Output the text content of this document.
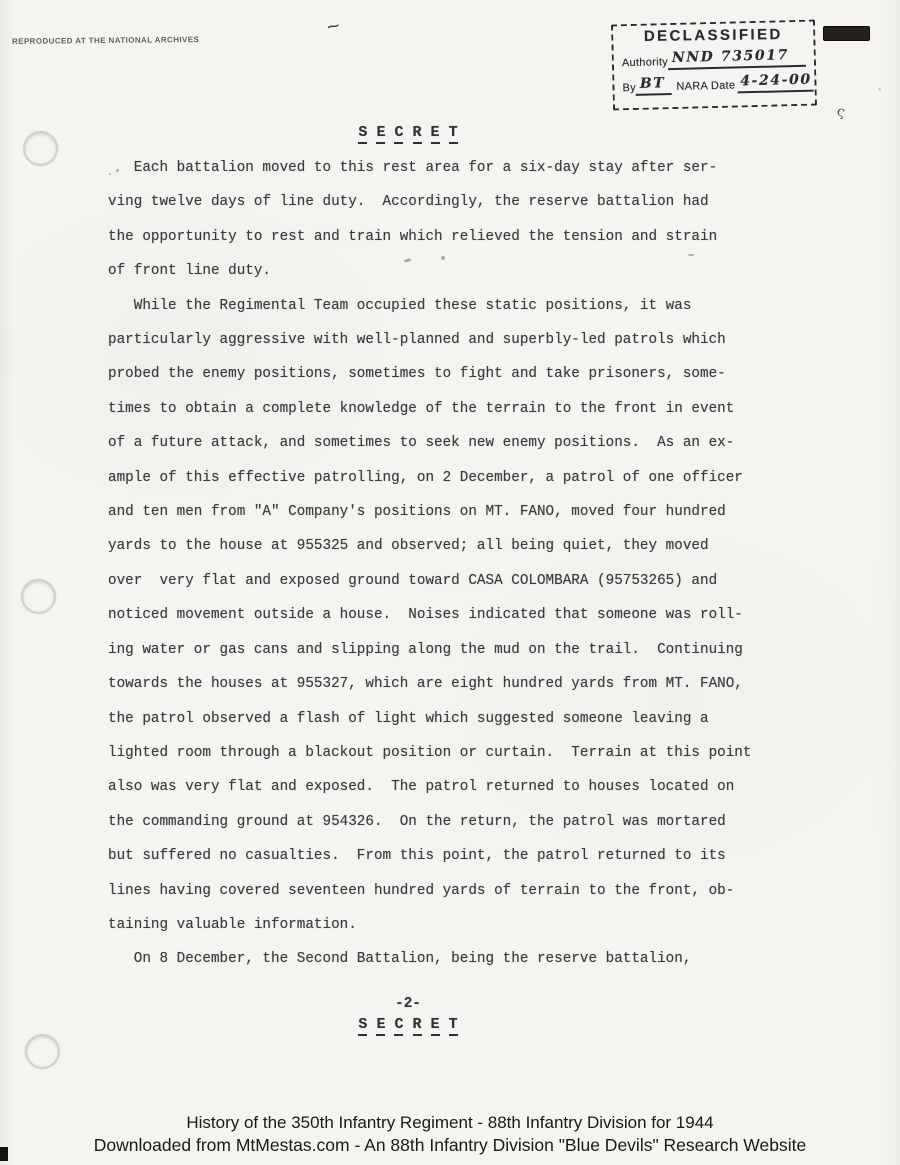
REPRODUCED AT THE NATIONAL ARCHIVES
~
DECLASSIFIED
Authority NND 735017
By BT NARA Date 4-24-00
ς
S E C R E T
Each battalion moved to this rest area for a six-day stay after ser-
ving twelve days of line duty.  Accordingly, the reserve battalion had
the opportunity to rest and train which relieved the tension and strain
of front line duty.
While the Regimental Team occupied these static positions, it was
particularly aggressive with well-planned and superbly-led patrols which
probed the enemy positions, sometimes to fight and take prisoners, some-
times to obtain a complete knowledge of the terrain to the front in event
of a future attack, and sometimes to seek new enemy positions.  As an ex-
ample of this effective patrolling, on 2 December, a patrol of one officer
and ten men from "A" Company's positions on MT. FANO, moved four hundred
yards to the house at 955325 and observed; all being quiet, they moved
over  very flat and exposed ground toward CASA COLOMBARA (95753265) and
noticed movement outside a house.  Noises indicated that someone was roll-
ing water or gas cans and slipping along the mud on the trail.  Continuing
towards the houses at 955327, which are eight hundred yards from MT. FANO,
the patrol observed a flash of light which suggested someone leaving a
lighted room through a blackout position or curtain.  Terrain at this point
also was very flat and exposed.  The patrol returned to houses located on
the commanding ground at 954326.  On the return, the patrol was mortared
but suffered no casualties.  From this point, the patrol returned to its
lines having covered seventeen hundred yards of terrain to the front, ob-
taining valuable information.
On 8 December, the Second Battalion, being the reserve battalion,
-2-
S E C R E T
History of the 350th Infantry Regiment - 88th Infantry Division for 1944
Downloaded from MtMestas.com - An 88th Infantry Division "Blue Devils" Research Website
